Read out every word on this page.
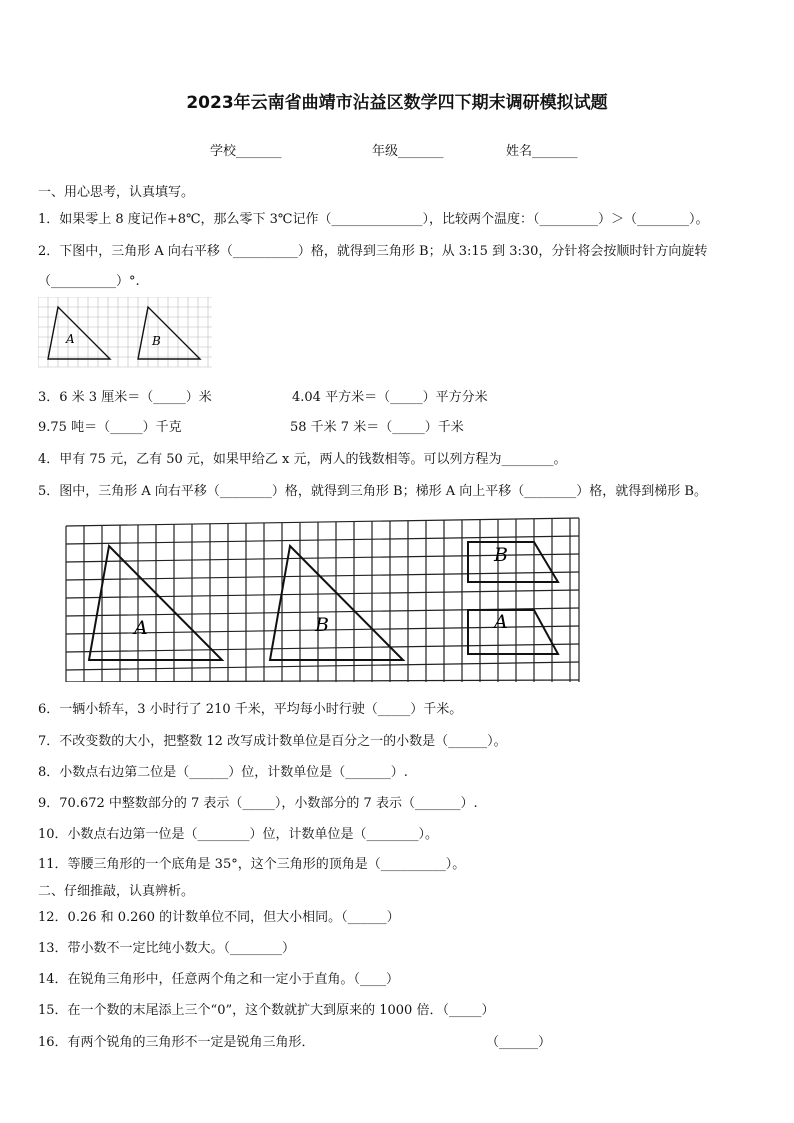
2023年云南省曲靖市沾益区数学四下期末调研模拟试题
学校_______	年级_______	姓名_______
一、用心思考，认真填写。
1．如果零上 8 度记作+8℃，那么零下 3℃记作（______________），比较两个温度：（_________）＞（________）。
2．下图中，三角形 A 向右平移（__________）格，就得到三角形 B；从 3:15 到 3:30，分针将会按顺时针方向旋转
（__________）°.
A	B
3．6 米 3 厘米＝（_____）米	4.04 平方米＝（_____）平方分米
9.75 吨＝（_____）千克	58 千米 7 米＝（_____）千米
4．甲有 75 元，乙有 50 元，如果甲给乙 x 元，两人的钱数相等。可以列方程为________。
5．图中，三角形 A 向右平移（________）格，就得到三角形 B；梯形 A 向上平移（________）格，就得到梯形 B。
A	B
B
A
6．一辆小轿车，3 小时行了 210 千米，平均每小时行驶（_____）千米。
7．不改变数的大小，把整数 12 改写成计数单位是百分之一的小数是（______）。
8．小数点右边第二位是（______）位，计数单位是（_______）.
9．70.672 中整数部分的 7 表示（_____），小数部分的 7 表示（_______）.
10．小数点右边第一位是（________）位，计数单位是（________）。
11．等腰三角形的一个底角是 35°，这个三角形的顶角是（__________）。
二、仔细推敲，认真辨析。
12．0.26 和 0.260 的计数单位不同，但大小相同。（______）
13．带小数不一定比纯小数大。（________）
14．在锐角三角形中，任意两个角之和一定小于直角。（____）
15．在一个数的末尾添上三个“0”，这个数就扩大到原来的 1000 倍．（_____）
16．有两个锐角的三角形不一定是锐角三角形．	（______）
